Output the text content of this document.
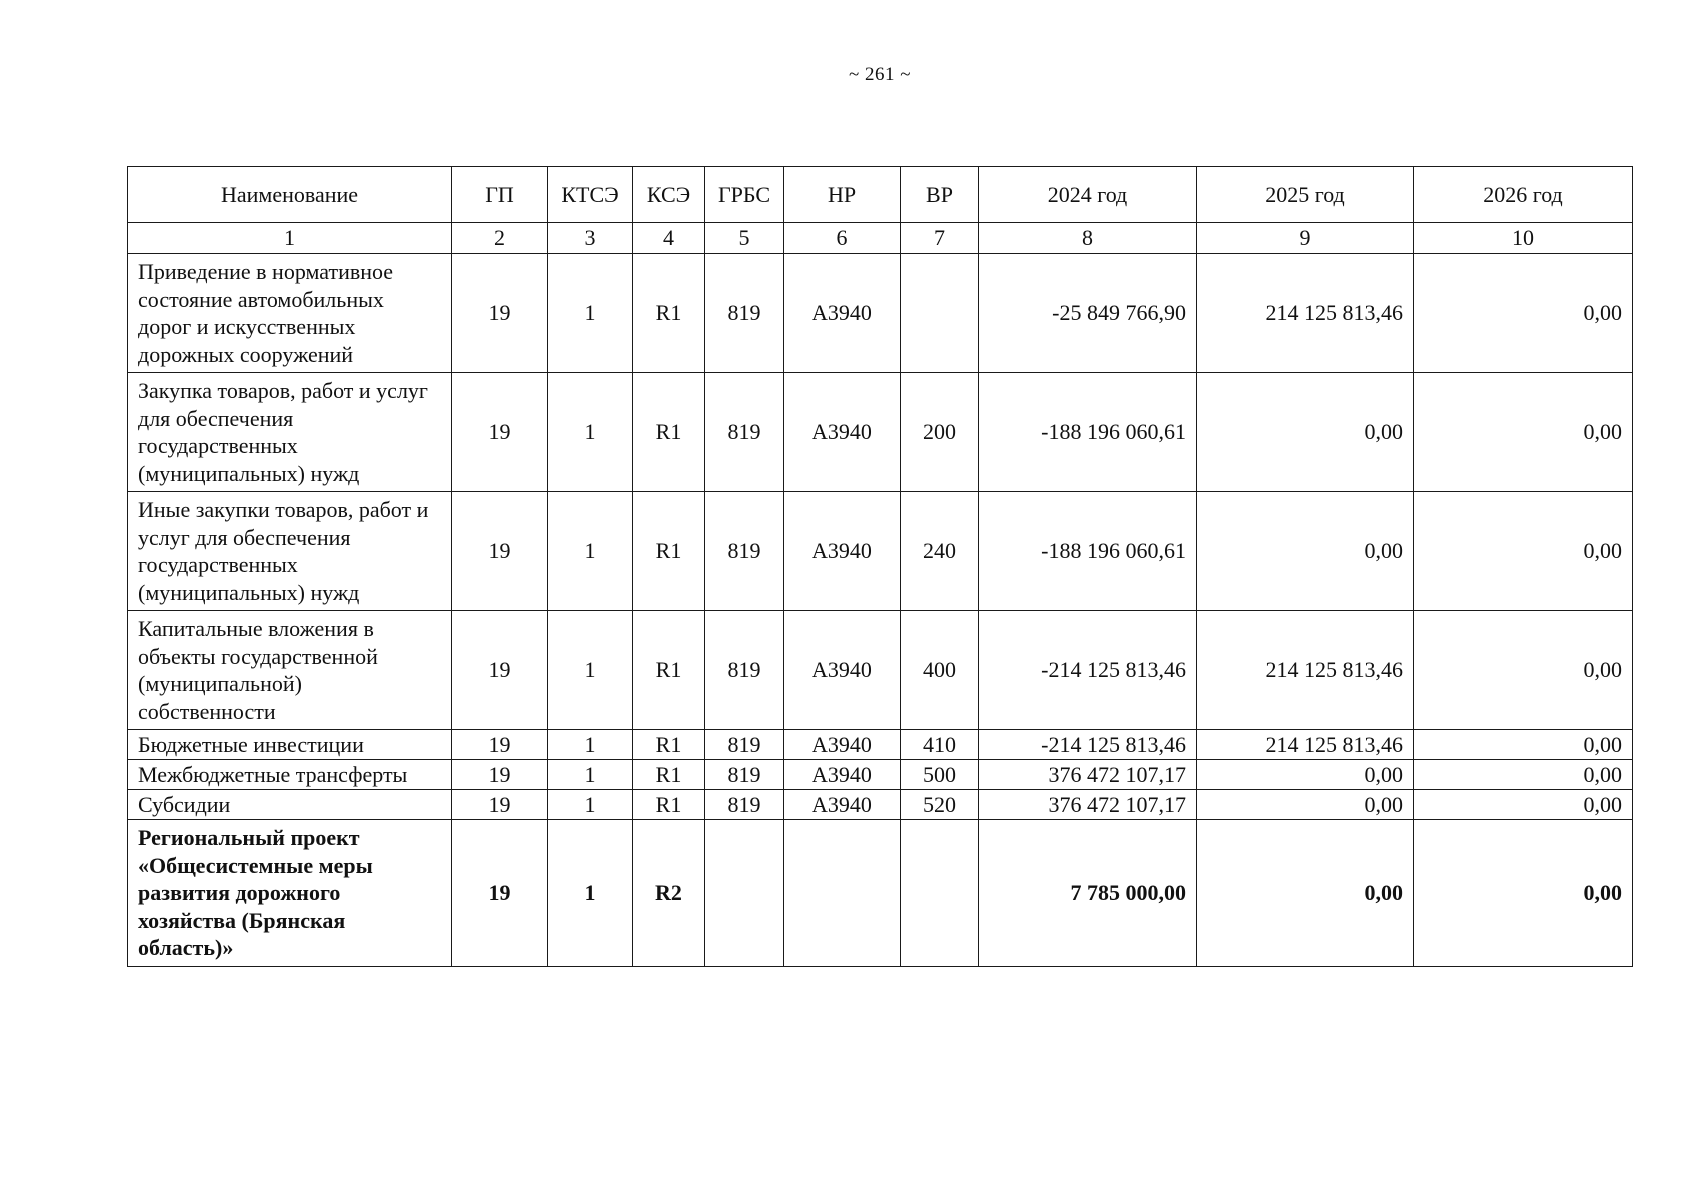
~ 261 ~
Наименование	ГП	КТСЭ	КСЭ	ГРБС	НР	ВР	2024 год	2025 год	2026 год
1	2	3	4	5	6	7	8	9	10
Приведение в нормативное состояние автомобильных дорог и искусственных дорожных сооружений	19	1	R1	819	А3940		-25 849 766,90	214 125 813,46	0,00
Закупка товаров, работ и услуг для обеспечения государственных (муниципальных) нужд	19	1	R1	819	А3940	200	-188 196 060,61	0,00	0,00
Иные закупки товаров, работ и услуг для обеспечения государственных (муниципальных) нужд	19	1	R1	819	А3940	240	-188 196 060,61	0,00	0,00
Капитальные вложения в объекты государственной (муниципальной) собственности	19	1	R1	819	А3940	400	-214 125 813,46	214 125 813,46	0,00
Бюджетные инвестиции	19	1	R1	819	А3940	410	-214 125 813,46	214 125 813,46	0,00
Межбюджетные трансферты	19	1	R1	819	А3940	500	376 472 107,17	0,00	0,00
Субсидии	19	1	R1	819	А3940	520	376 472 107,17	0,00	0,00
Региональный проект «Общесистемные меры развития дорожного хозяйства (Брянская область)»	19	1	R2				7 785 000,00	0,00	0,00
